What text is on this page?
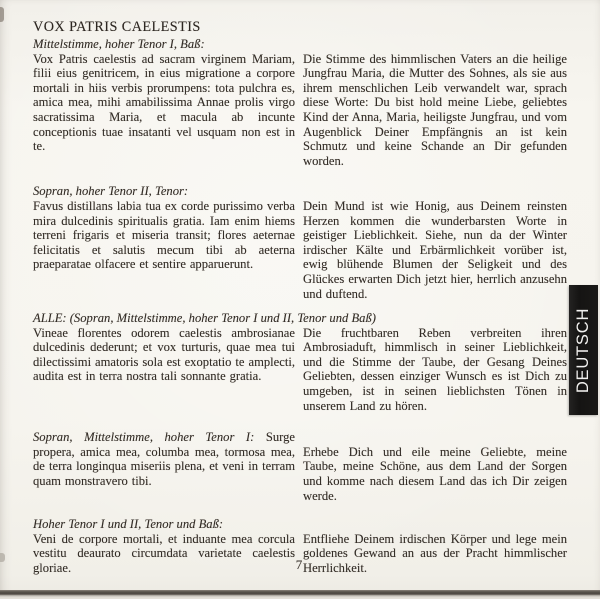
VOX PATRIS CAELESTIS

Mittelstimme, hoher Tenor I, Baß:

Vox Patris caelestis ad sacram virginem Mariam, filii eius genitricem, in eius migratione a corpore mortali in hiis verbis prorumpens: tota pulchra es, amica mea, mihi amabilissima Annae prolis virgo sacratissima Maria, et macula ab incunte conceptionis tuae insatanti vel usquam non est in te.

Die Stimme des himmlischen Vaters an die heilige Jungfrau Maria, die Mutter des Sohnes, als sie aus ihrem menschlichen Leib verwandelt war, sprach diese Worte: Du bist hold meine Liebe, geliebtes Kind der Anna, Maria, heiligste Jungfrau, und vom Augenblick Deiner Empfängnis an ist kein Schmutz und keine Schande an Dir gefunden worden.

Sopran, hoher Tenor II, Tenor:

Favus distillans labia tua ex corde purissimo verba mira dulcedinis spiritualis gratia. Iam enim hiems terreni frigaris et miseria transit; flores aeternae felicitatis et salutis mecum tibi ab aeterna praeparatae olfacere et sentire apparuerunt.

Dein Mund ist wie Honig, aus Deinem reinsten Herzen kommen die wunderbarsten Worte in geistiger Lieblichkeit. Siehe, nun da der Winter irdischer Kälte und Erbärmlichkeit vorüber ist, ewig blühende Blumen der Seligkeit und des Glückes erwarten Dich jetzt hier, herrlich anzusehn und duftend.

ALLE: (Sopran, Mittelstimme, hoher Tenor I und II, Tenor und Baß)

Vineae florentes odorem caelestis ambrosianae dulcedinis dederunt; et vox turturis, quae mea tui dilectissimi amatoris sola est exoptatio te amplecti, audita est in terra nostra tali sonnante gratia.

Die fruchtbaren Reben verbreiten ihren Ambrosiaduft, himmlisch in seiner Lieblichkeit, und die Stimme der Taube, der Gesang Deines Geliebten, dessen einziger Wunsch es ist Dich zu umgeben, ist in seinen lieblichsten Tönen in unserem Land zu hören.

Sopran, Mittelstimme, hoher Tenor I: Surge propera, amica mea, columba mea, tormosa mea, de terra longinqua miseriis plena, et veni in terram quam monstravero tibi.

Erhebe Dich und eile meine Geliebte, meine Taube, meine Schöne, aus dem Land der Sorgen und komme nach diesem Land das ich Dir zeigen werde.

Hoher Tenor I und II, Tenor und Baß:

Veni de corpore mortali, et induante mea corcula vestitu deaurato circumdata varietate caelestis gloriae.

Entfliehe Deinem irdischen Körper und lege mein goldenes Gewand an aus der Pracht himmlischer Herrlichkeit.

7
DEUTSCH
